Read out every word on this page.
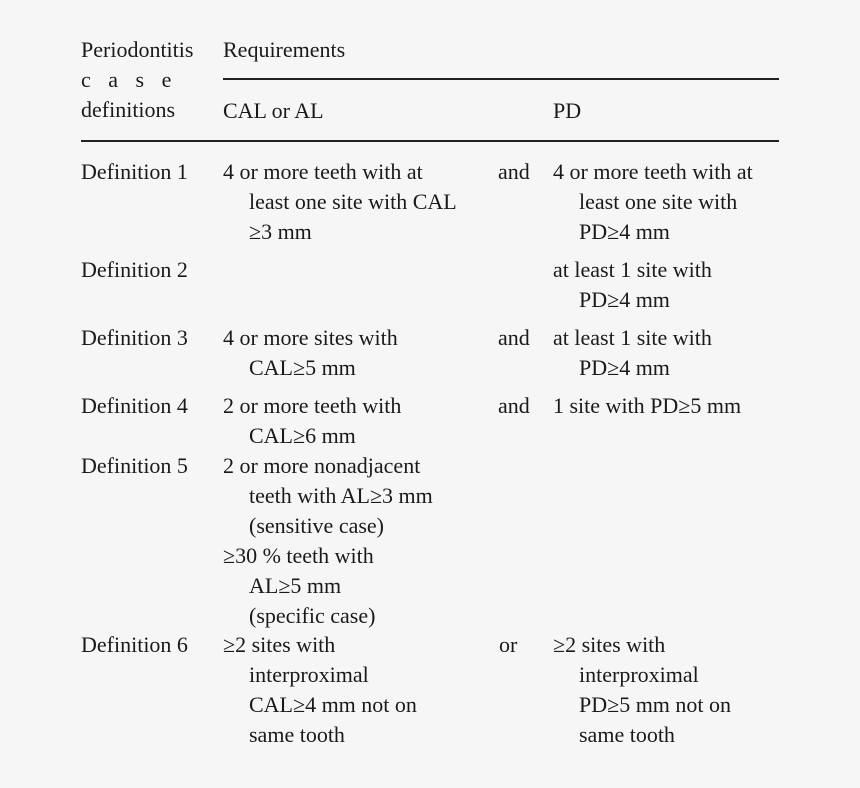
Periodontitis
c a s e
definitions
Requirements
CAL or AL	PD
Definition 1 4 or more teeth with at
least one site with CAL
≥3 mm
and 4 or more teeth with at
least one site with
PD≥4 mm
Definition 2	at least 1 site with
PD≥4 mm
Definition 3 4 or more sites with
CAL≥5 mm
and at least 1 site with
PD≥4 mm
Definition 4 2 or more teeth with
CAL≥6 mm
and 1 site with PD≥5 mm
Definition 5 2 or more nonadjacent
teeth with AL≥3 mm
(sensitive case)
≥30 % teeth with
AL≥5 mm
(specific case)
Definition 6 ≥2 sites with
interproximal
CAL≥4 mm not on
same tooth
or ≥2 sites with
interproximal
PD≥5 mm not on
same tooth
